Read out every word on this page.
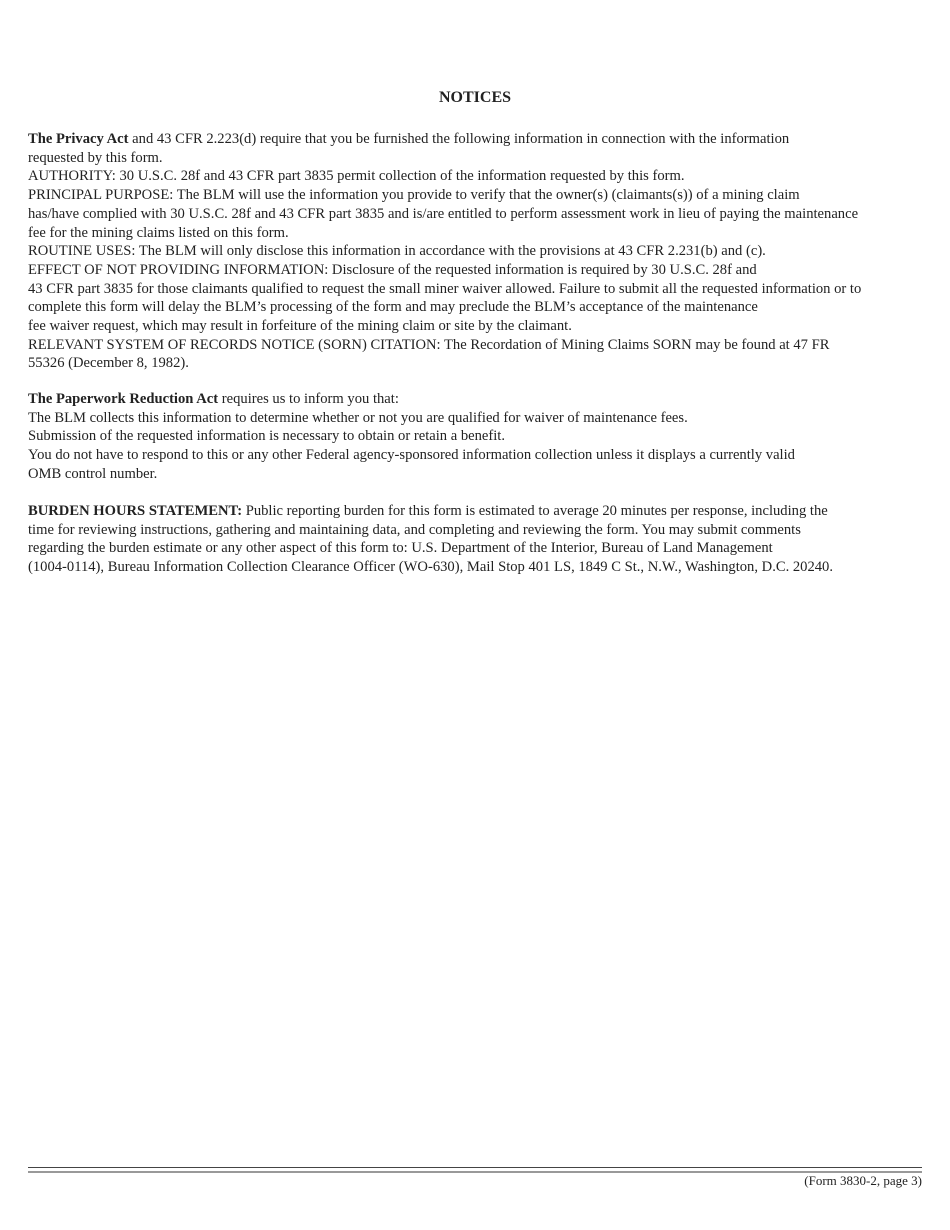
NOTICES
The Privacy Act and 43 CFR 2.223(d) require that you be furnished the following information in connection with the information
requested by this form.
AUTHORITY: 30 U.S.C. 28f and 43 CFR part 3835 permit collection of the information requested by this form.
PRINCIPAL PURPOSE: The BLM will use the information you provide to verify that the owner(s) (claimants(s)) of a mining claim
has/have complied with 30 U.S.C. 28f and 43 CFR part 3835 and is/are entitled to perform assessment work in lieu of paying the maintenance
fee for the mining claims listed on this form.
ROUTINE USES: The BLM will only disclose this information in accordance with the provisions at 43 CFR 2.231(b) and (c).
EFFECT OF NOT PROVIDING INFORMATION: Disclosure of the requested information is required by 30 U.S.C. 28f and
43 CFR part 3835 for those claimants qualified to request the small miner waiver allowed. Failure to submit all the requested information or to
complete this form will delay the BLM’s processing of the form and may preclude the BLM’s acceptance of the maintenance
fee waiver request, which may result in forfeiture of the mining claim or site by the claimant.
RELEVANT SYSTEM OF RECORDS NOTICE (SORN) CITATION: The Recordation of Mining Claims SORN may be found at 47 FR
55326 (December 8, 1982).
The Paperwork Reduction Act requires us to inform you that:
The BLM collects this information to determine whether or not you are qualified for waiver of maintenance fees.
Submission of the requested information is necessary to obtain or retain a benefit.
You do not have to respond to this or any other Federal agency-sponsored information collection unless it displays a currently valid
OMB control number.
BURDEN HOURS STATEMENT: Public reporting burden for this form is estimated to average 20 minutes per response, including the
time for reviewing instructions, gathering and maintaining data, and completing and reviewing the form. You may submit comments
regarding the burden estimate or any other aspect of this form to: U.S. Department of the Interior, Bureau of Land Management
(1004-0114), Bureau Information Collection Clearance Officer (WO-630), Mail Stop 401 LS, 1849 C St., N.W., Washington, D.C. 20240.
(Form 3830-2, page 3)
